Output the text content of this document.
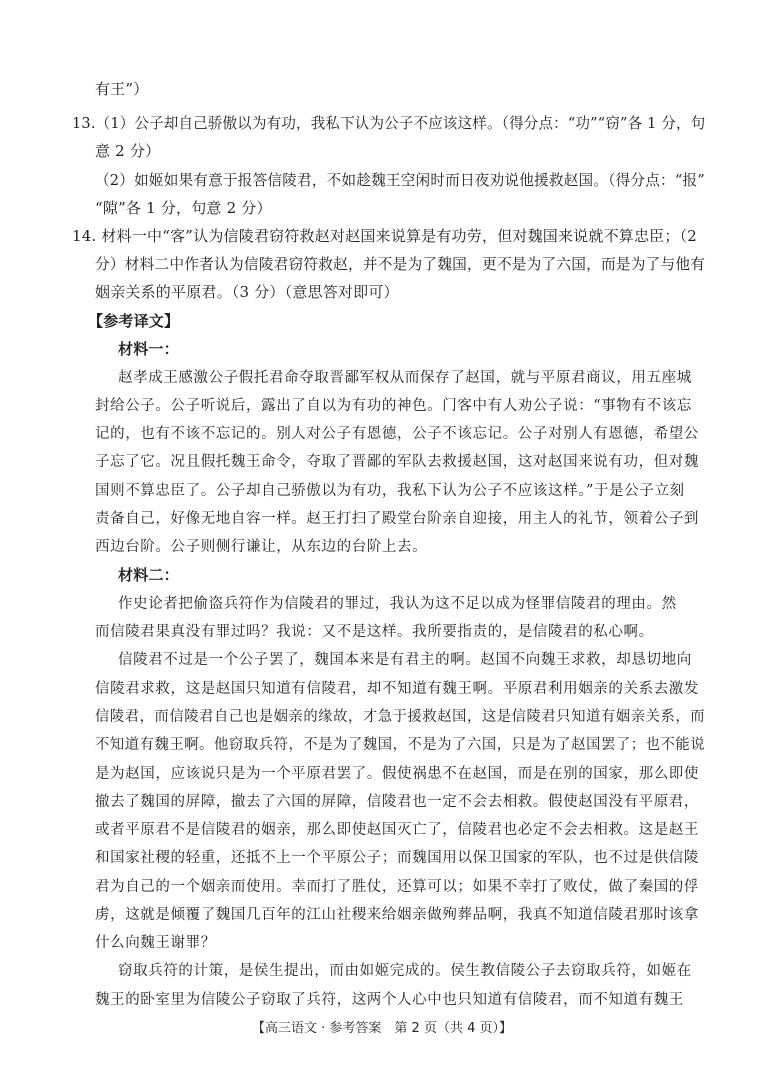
有王”）
13.（1）公子却自己骄傲以为有功，我私下认为公子不应该这样。（得分点：“功”“窃”各 1 分，句
意 2 分）
（2）如姬如果有意于报答信陵君，不如趁魏王空闲时而日夜劝说他援救赵国。（得分点：“报”
“隙”各 1 分，句意 2 分）
14. 材料一中“客”认为信陵君窃符救赵对赵国来说算是有功劳，但对魏国来说就不算忠臣；（2
分）材料二中作者认为信陵君窃符救赵，并不是为了魏国，更不是为了六国，而是为了与他有
姻亲关系的平原君。（3 分）（意思答对即可）
【参考译文】
材料一：
赵孝成王感激公子假托君命夺取晋鄙军权从而保存了赵国，就与平原君商议，用五座城
封给公子。公子听说后，露出了自以为有功的神色。门客中有人劝公子说：“事物有不该忘
记的，也有不该不忘记的。别人对公子有恩德，公子不该忘记。公子对别人有恩德，希望公
子忘了它。况且假托魏王命令，夺取了晋鄙的军队去救援赵国，这对赵国来说有功，但对魏
国则不算忠臣了。公子却自己骄傲以为有功，我私下认为公子不应该这样。”于是公子立刻
责备自己，好像无地自容一样。赵王打扫了殿堂台阶亲自迎接，用主人的礼节，领着公子到
西边台阶。公子则侧行谦让，从东边的台阶上去。
材料二：
作史论者把偷盗兵符作为信陵君的罪过，我认为这不足以成为怪罪信陵君的理由。然
而信陵君果真没有罪过吗？我说：又不是这样。我所要指责的，是信陵君的私心啊。
信陵君不过是一个公子罢了，魏国本来是有君主的啊。赵国不向魏王求救，却恳切地向
信陵君求救，这是赵国只知道有信陵君，却不知道有魏王啊。平原君利用姻亲的关系去激发
信陵君，而信陵君自己也是姻亲的缘故，才急于援救赵国，这是信陵君只知道有姻亲关系，而
不知道有魏王啊。他窃取兵符，不是为了魏国，不是为了六国，只是为了赵国罢了；也不能说
是为赵国，应该说只是为一个平原君罢了。假使祸患不在赵国，而是在别的国家，那么即使
撤去了魏国的屏障，撤去了六国的屏障，信陵君也一定不会去相救。假使赵国没有平原君，
或者平原君不是信陵君的姻亲，那么即使赵国灭亡了，信陵君也必定不会去相救。这是赵王
和国家社稷的轻重，还抵不上一个平原公子；而魏国用以保卫国家的军队，也不过是供信陵
君为自己的一个姻亲而使用。幸而打了胜仗，还算可以；如果不幸打了败仗，做了秦国的俘
虏，这就是倾覆了魏国几百年的江山社稷来给姻亲做殉葬品啊，我真不知道信陵君那时该拿
什么向魏王谢罪？
窃取兵符的计策，是侯生提出，而由如姬完成的。侯生教信陵公子去窃取兵符，如姬在
魏王的卧室里为信陵公子窃取了兵符，这两个人心中也只知道有信陵君，而不知道有魏王
【高三语文 · 参考答案　第 2 页（共 4 页）】
